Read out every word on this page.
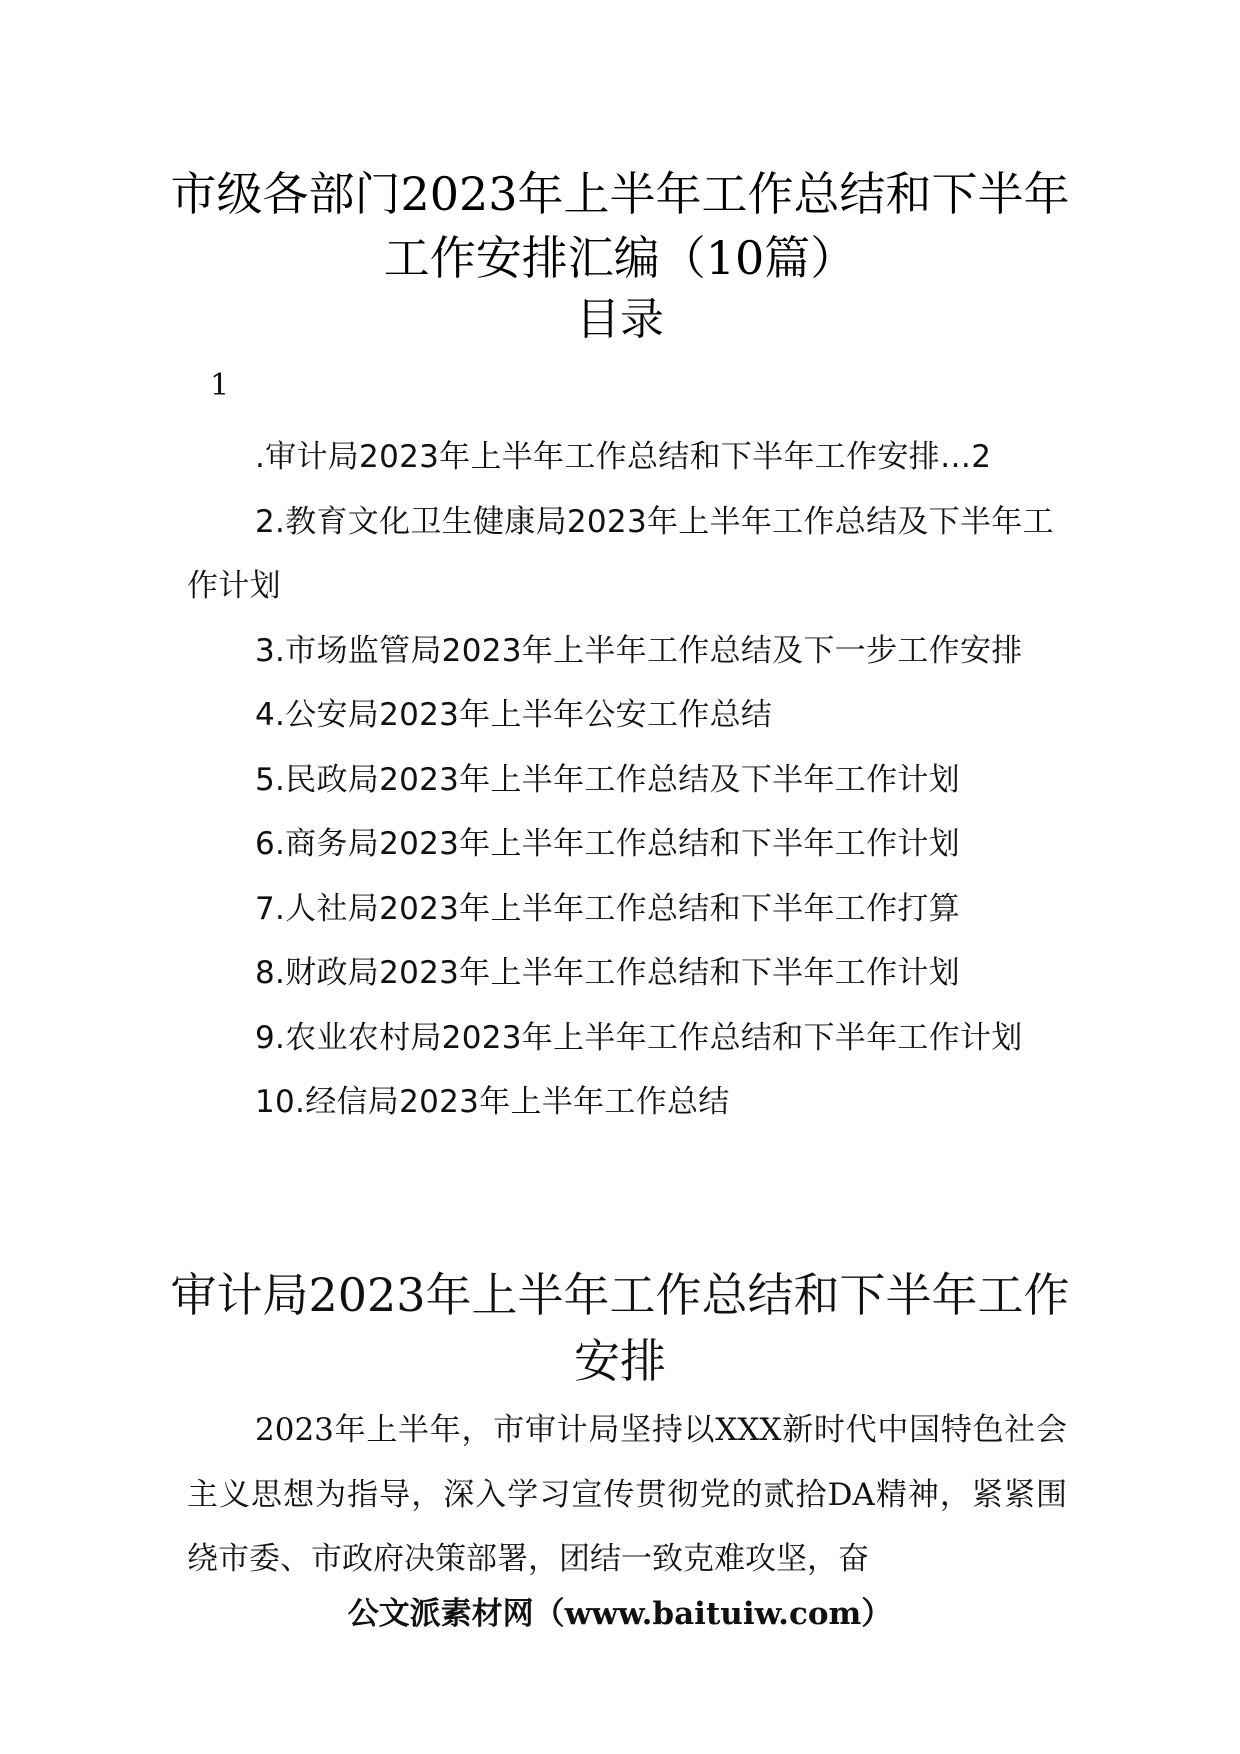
市级各部门2023年上半年工作总结和下半年工作安排汇编（10篇）
目录
1

.审计局2023年上半年工作总结和下半年工作安排…2

2.教育文化卫生健康局2023年上半年工作总结及下半年工作计划

3.市场监管局2023年上半年工作总结及下一步工作安排

4.公安局2023年上半年公安工作总结

5.民政局2023年上半年工作总结及下半年工作计划

6.商务局2023年上半年工作总结和下半年工作计划

7.人社局2023年上半年工作总结和下半年工作打算

8.财政局2023年上半年工作总结和下半年工作计划

9.农业农村局2023年上半年工作总结和下半年工作计划

10.经信局2023年上半年工作总结

审计局2023年上半年工作总结和下半年工作安排

2023年上半年，市审计局坚持以XXX新时代中国特色社会主义思想为指导，深入学习宣传贯彻党的贰拾DA精神，紧紧围绕市委、市政府决策部署，团结一致克难攻坚，奋

公文派素材网（www.baituiw.com）
